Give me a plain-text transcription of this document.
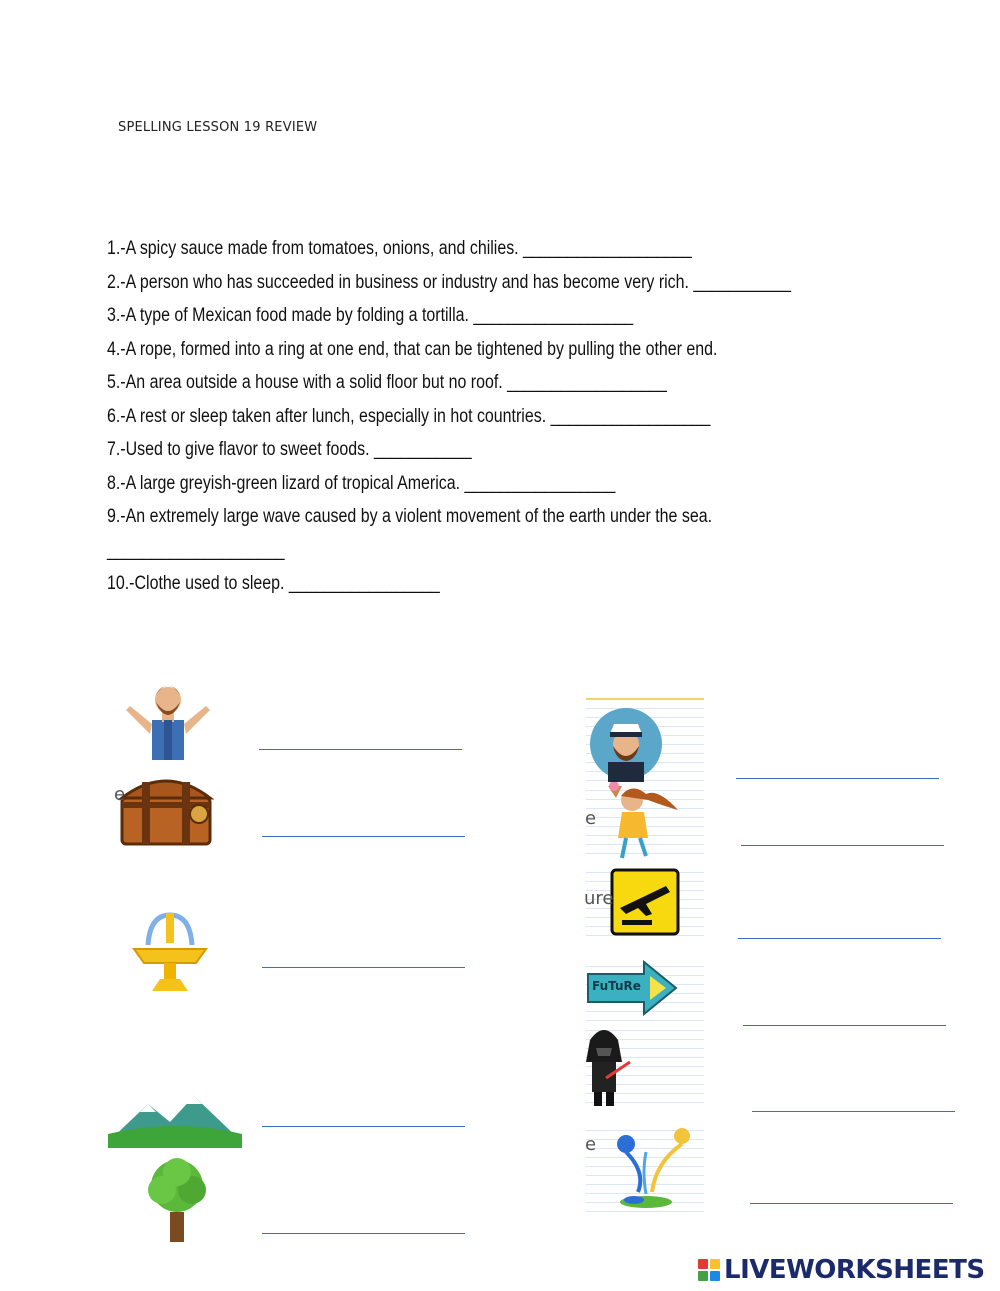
SPELLING LESSON 19 REVIEW
1.-A spicy sauce made from tomatoes, onions, and chilies. ___________________
2.-A person who has succeeded in business or industry and has become very rich. ___________
3.-A type of Mexican food made by folding a tortilla. __________________
4.-A rope, formed into a ring at one end, that can be tightened by pulling the other end.
5.-An area outside a house with a solid floor but no roof. __________________
6.-A rest or sleep taken after lunch, especially in hot countries. __________________
7.-Used to give flavor to sweet foods. ___________
8.-A large greyish-green lizard of tropical America. _________________
9.-An extremely large wave caused by a violent movement of the earth under the sea.
____________________
10.-Clothe used to sleep. _________________
e
e
ure
FuTuRe
e
LIVEWORKSHEETS
